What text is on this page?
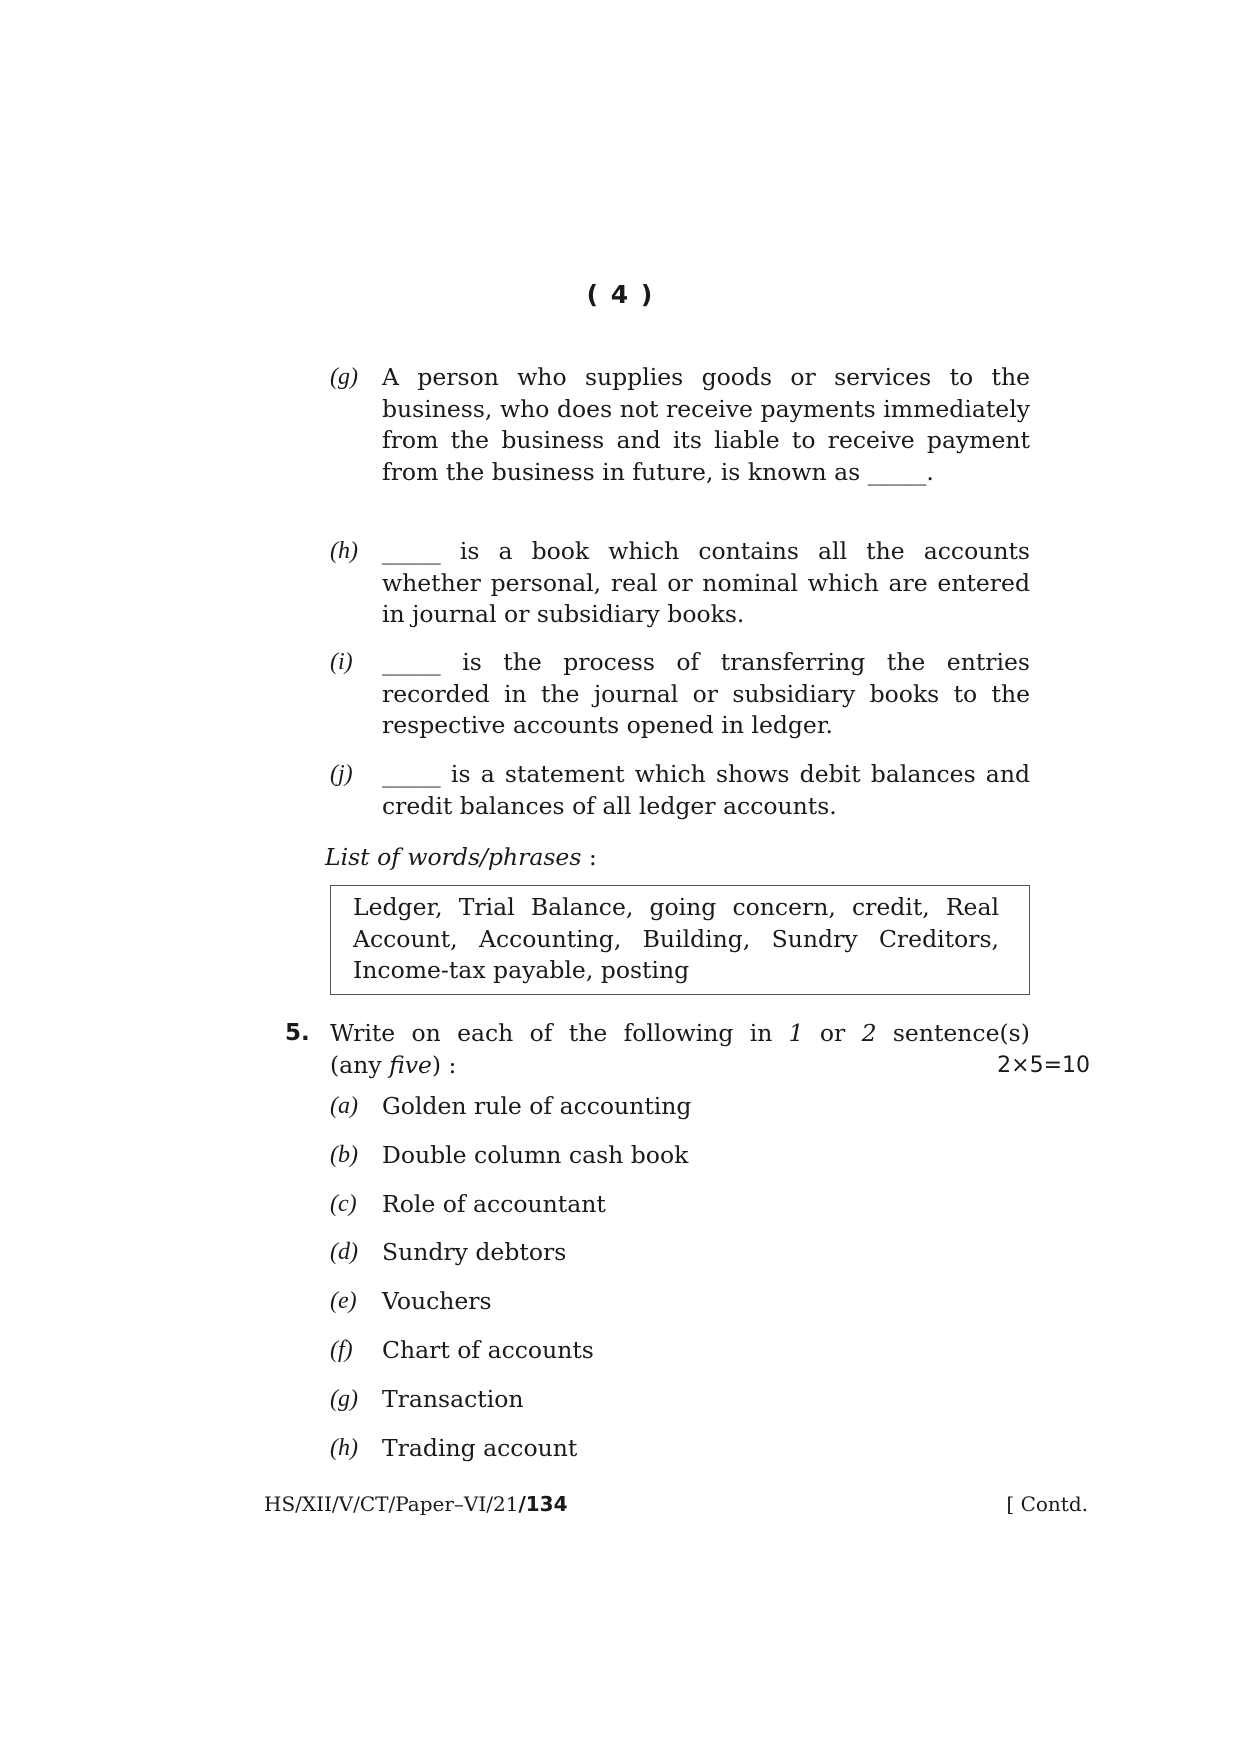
( 4 )
(g) A person who supplies goods or services to the business, who does not receive payments immediately from the business and its liable to receive payment from the business in future, is known as _____.
(h) _____ is a book which contains all the accounts whether personal, real or nominal which are entered in journal or subsidiary books.
(i) _____ is the process of transferring the entries recorded in the journal or subsidiary books to the respective accounts opened in ledger.
(j) _____ is a statement which shows debit balances and credit balances of all ledger accounts.
List of words/phrases :
Ledger, Trial Balance, going concern, credit, Real Account, Accounting, Building, Sundry Creditors, Income-tax payable, posting
5. Write on each of the following in 1 or 2 sentence(s)
(any five) :	2×5=10
(a) Golden rule of accounting
(b) Double column cash book
(c) Role of accountant
(d) Sundry debtors
(e) Vouchers
(f) Chart of accounts
(g) Transaction
(h) Trading account
HS/XII/V/CT/Paper–VI/21/134	[ Contd.
